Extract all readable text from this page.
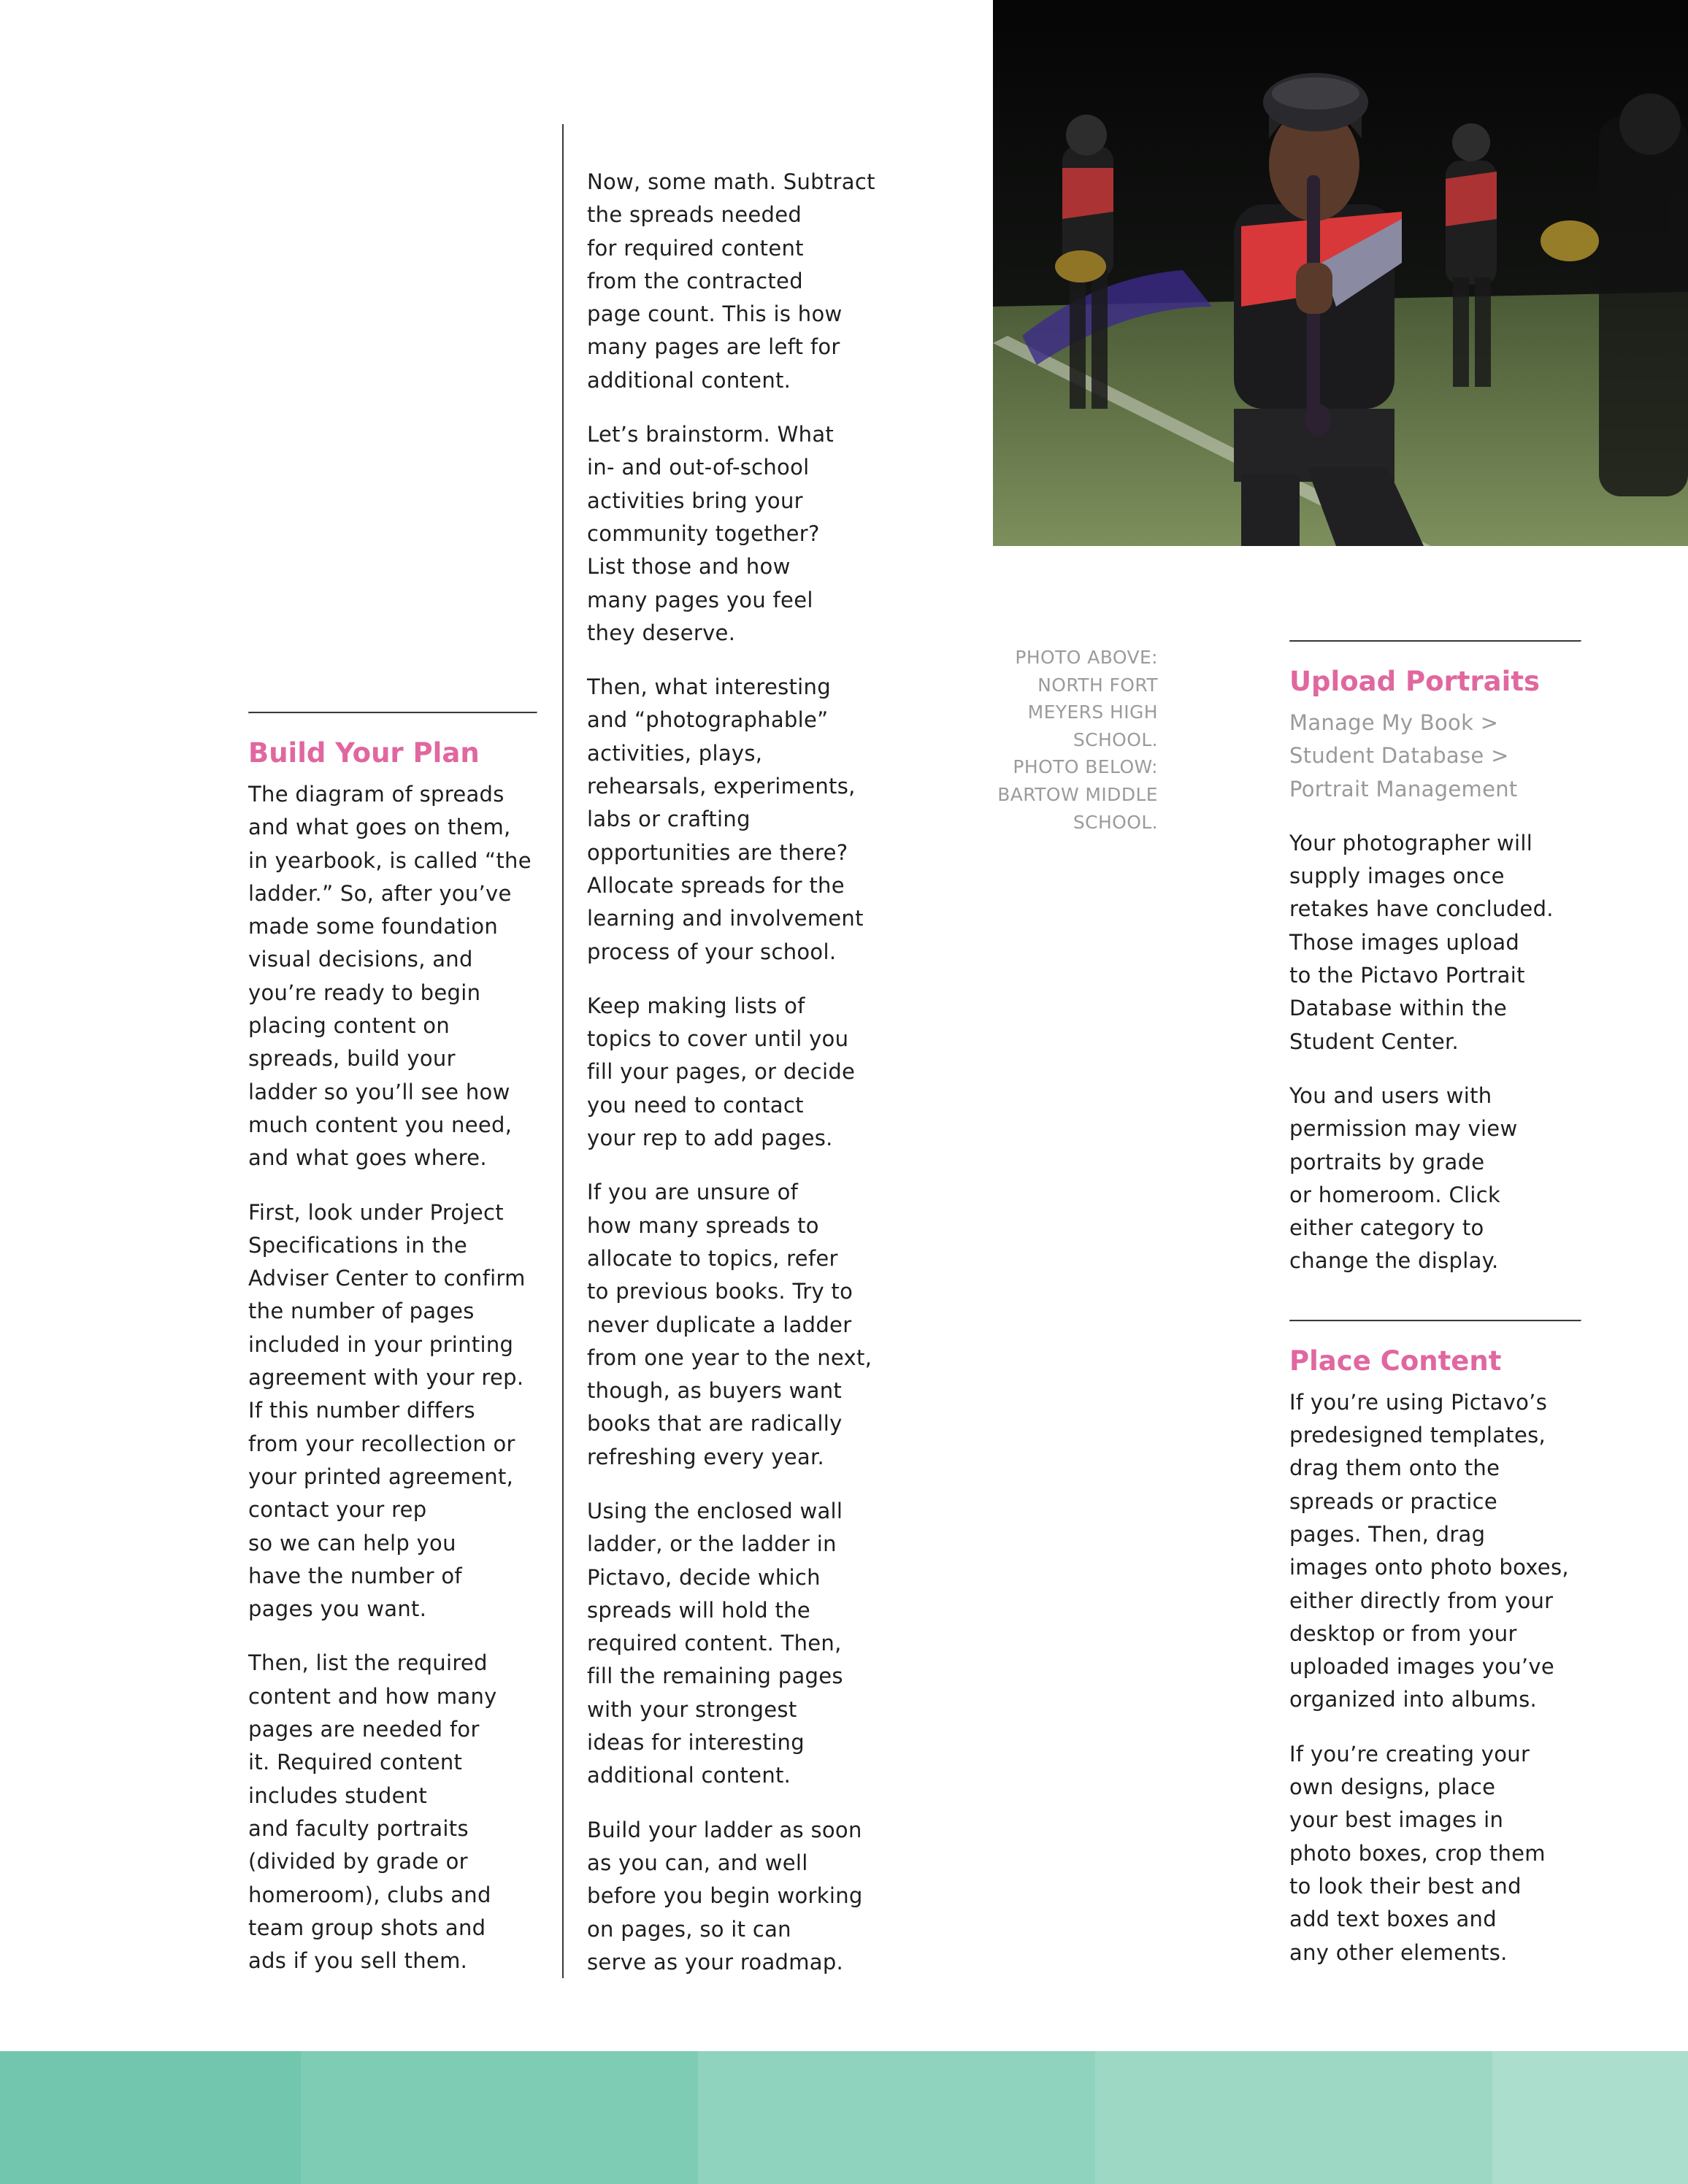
Build Your Plan

The diagram of spreads
and what goes on them,
in yearbook, is called “the
ladder.” So, after you’ve
made some foundation
visual decisions, and
you’re ready to begin
placing content on
spreads, build your
ladder so you’ll see how
much content you need,
and what goes where.

First, look under Project
Specifications in the
Adviser Center to confirm
the number of pages
included in your printing
agreement with your rep.
If this number differs
from your recollection or
your printed agreement,
contact your rep
so we can help you
have the number of
pages you want.

Then, list the required
content and how many
pages are needed for
it. Required content
includes student
and faculty portraits
(divided by grade or
homeroom), clubs and
team group shots and
ads if you sell them.

Now, some math. Subtract
the spreads needed
for required content
from the contracted
page count. This is how
many pages are left for
additional content.

Let’s brainstorm. What
in- and out-of-school
activities bring your
community together?
List those and how
many pages you feel
they deserve.

Then, what interesting
and “photographable”
activities, plays,
rehearsals, experiments,
labs or crafting
opportunities are there?
Allocate spreads for the
learning and involvement
process of your school.

Keep making lists of
topics to cover until you
fill your pages, or decide
you need to contact
your rep to add pages.

If you are unsure of
how many spreads to
allocate to topics, refer
to previous books. Try to
never duplicate a ladder
from one year to the next,
though, as buyers want
books that are radically
refreshing every year.

Using the enclosed wall
ladder, or the ladder in
Pictavo, decide which
spreads will hold the
required content. Then,
fill the remaining pages
with your strongest
ideas for interesting
additional content.

Build your ladder as soon
as you can, and well
before you begin working
on pages, so it can
serve as your roadmap.

PHOTO ABOVE:
NORTH FORT
MEYERS HIGH
SCHOOL.
PHOTO BELOW:
BARTOW MIDDLE
SCHOOL.

Upload Portraits

Manage My Book >
Student Database >
Portrait Management

Your photographer will
supply images once
retakes have concluded.
Those images upload
to the Pictavo Portrait
Database within the
Student Center.

You and users with
permission may view
portraits by grade
or homeroom. Click
either category to
change the display.

Place Content

If you’re using Pictavo’s
predesigned templates,
drag them onto the
spreads or practice
pages. Then, drag
images onto photo boxes,
either directly from your
desktop or from your
uploaded images you’ve
organized into albums.

If you’re creating your
own designs, place
your best images in
photo boxes, crop them
to look their best and
add text boxes and
any other elements.
